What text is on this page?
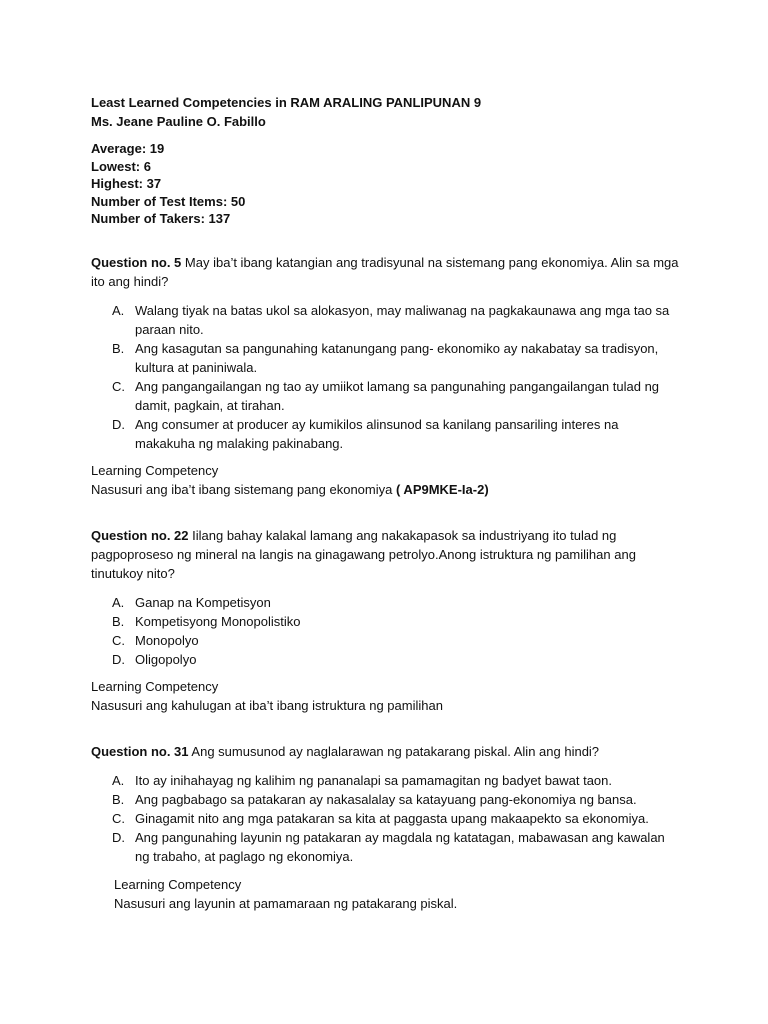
Least Learned Competencies in RAM ARALING PANLIPUNAN 9
Ms. Jeane Pauline O. Fabillo
Average: 19
Lowest: 6
Highest: 37
Number of Test Items: 50
Number of Takers: 137

Question no. 5 May iba’t ibang katangian ang tradisyunal na sistemang pang ekonomiya. Alin sa mga ito ang hindi?

A. Walang tiyak na batas ukol sa alokasyon, may maliwanag na pagkakaunawa ang mga tao sa paraan nito.
B. Ang kasagutan sa pangunahing katanungang pang- ekonomiko ay nakabatay sa tradisyon, kultura at paniniwala.
C. Ang pangangailangan ng tao ay umiikot lamang sa pangunahing pangangailangan tulad ng damit, pagkain, at tirahan.
D. Ang consumer at producer ay kumikilos alinsunod sa kanilang pansariling interes na makakuha ng malaking pakinabang.
Learning Competency
Nasusuri ang iba’t ibang sistemang pang ekonomiya ( AP9MKE-Ia-2)

Question no. 22 Iilang bahay kalakal lamang ang nakakapasok sa industriyang ito tulad ng pagpoproseso ng mineral na langis na ginagawang petrolyo.Anong istruktura ng pamilihan ang tinutukoy nito?

A. Ganap na Kompetisyon
B. Kompetisyong Monopolistiko
C. Monopolyo
D. Oligopolyo
Learning Competency
Nasusuri ang kahulugan at iba’t ibang istruktura ng pamilihan

Question no. 31 Ang sumusunod ay naglalarawan ng patakarang piskal. Alin ang hindi?

A. Ito ay inihahayag ng kalihim ng pananalapi sa pamamagitan ng badyet bawat taon.
B. Ang pagbabago sa patakaran ay nakasalalay sa katayuang pang-ekonomiya ng bansa.
C. Ginagamit nito ang mga patakaran sa kita at paggasta upang makaapekto sa ekonomiya.
D. Ang pangunahing layunin ng patakaran ay magdala ng katatagan, mabawasan ang kawalan ng trabaho, at paglago ng ekonomiya.
Learning Competency
Nasusuri ang layunin at pamamaraan ng patakarang piskal.
